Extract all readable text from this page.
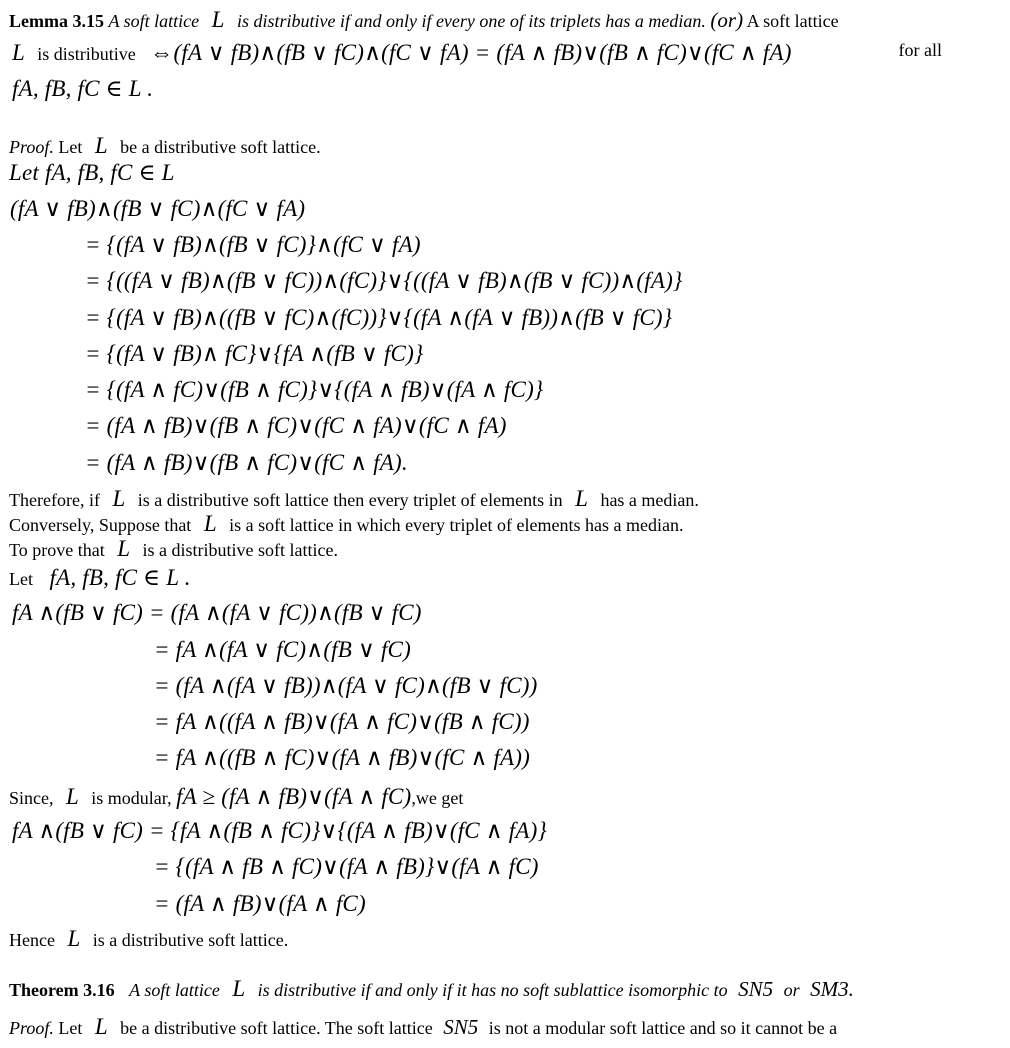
Lemma 3.15 A soft lattice L is distributive if and only if every one of its triplets has a median. (or) A soft lattice
L is distributive ⇔(fA ∨ fB)∧(fB ∨ fC)∧(fC ∨ fA) = (fA ∧ fB)∨(fB ∧ fC)∨(fC ∧ fA)	for all
fA, fB, fC ∈ L .
Proof. Let L be a distributive soft lattice.
Let fA, fB, fC ∈ L
(fA ∨ fB)∧(fB ∨ fC)∧(fC ∨ fA)
= {(fA ∨ fB)∧(fB ∨ fC)}∧(fC ∨ fA)
= {((fA ∨ fB)∧(fB ∨ fC))∧(fC)}∨{((fA ∨ fB)∧(fB ∨ fC))∧(fA)}
= {(fA ∨ fB)∧((fB ∨ fC)∧(fC))}∨{(fA ∧(fA ∨ fB))∧(fB ∨ fC)}
= {(fA ∨ fB)∧ fC}∨{fA ∧(fB ∨ fC)}
= {(fA ∧ fC)∨(fB ∧ fC)}∨{(fA ∧ fB)∨(fA ∧ fC)}
= (fA ∧ fB)∨(fB ∧ fC)∨(fC ∧ fA)∨(fC ∧ fA)
= (fA ∧ fB)∨(fB ∧ fC)∨(fC ∧ fA).
Therefore, if L is a distributive soft lattice then every triplet of elements in L has a median.
Conversely, Suppose that L is a soft lattice in which every triplet of elements has a median.
To prove that L is a distributive soft lattice.
Let fA, fB, fC ∈ L .
fA ∧(fB ∨ fC) = (fA ∧(fA ∨ fC))∧(fB ∨ fC)
= fA ∧(fA ∨ fC)∧(fB ∨ fC)
= (fA ∧(fA ∨ fB))∧(fA ∨ fC)∧(fB ∨ fC))
= fA ∧((fA ∧ fB)∨(fA ∧ fC)∨(fB ∧ fC))
= fA ∧((fB ∧ fC)∨(fA ∧ fB)∨(fC ∧ fA))
Since, L is modular, fA ≥ (fA ∧ fB)∨(fA ∧ fC),we get
fA ∧(fB ∨ fC) = {fA ∧(fB ∧ fC)}∨{(fA ∧ fB)∨(fC ∧ fA)}
= {(fA ∧ fB ∧ fC)∨(fA ∧ fB)}∨(fA ∧ fC)
= (fA ∧ fB)∨(fA ∧ fC)
Hence L is a distributive soft lattice.
Theorem 3.16 A soft lattice L is distributive if and only if it has no soft sublattice isomorphic to SN5 or SM3.
Proof. Let L be a distributive soft lattice. The soft lattice SN5 is not a modular soft lattice and so it cannot be a
